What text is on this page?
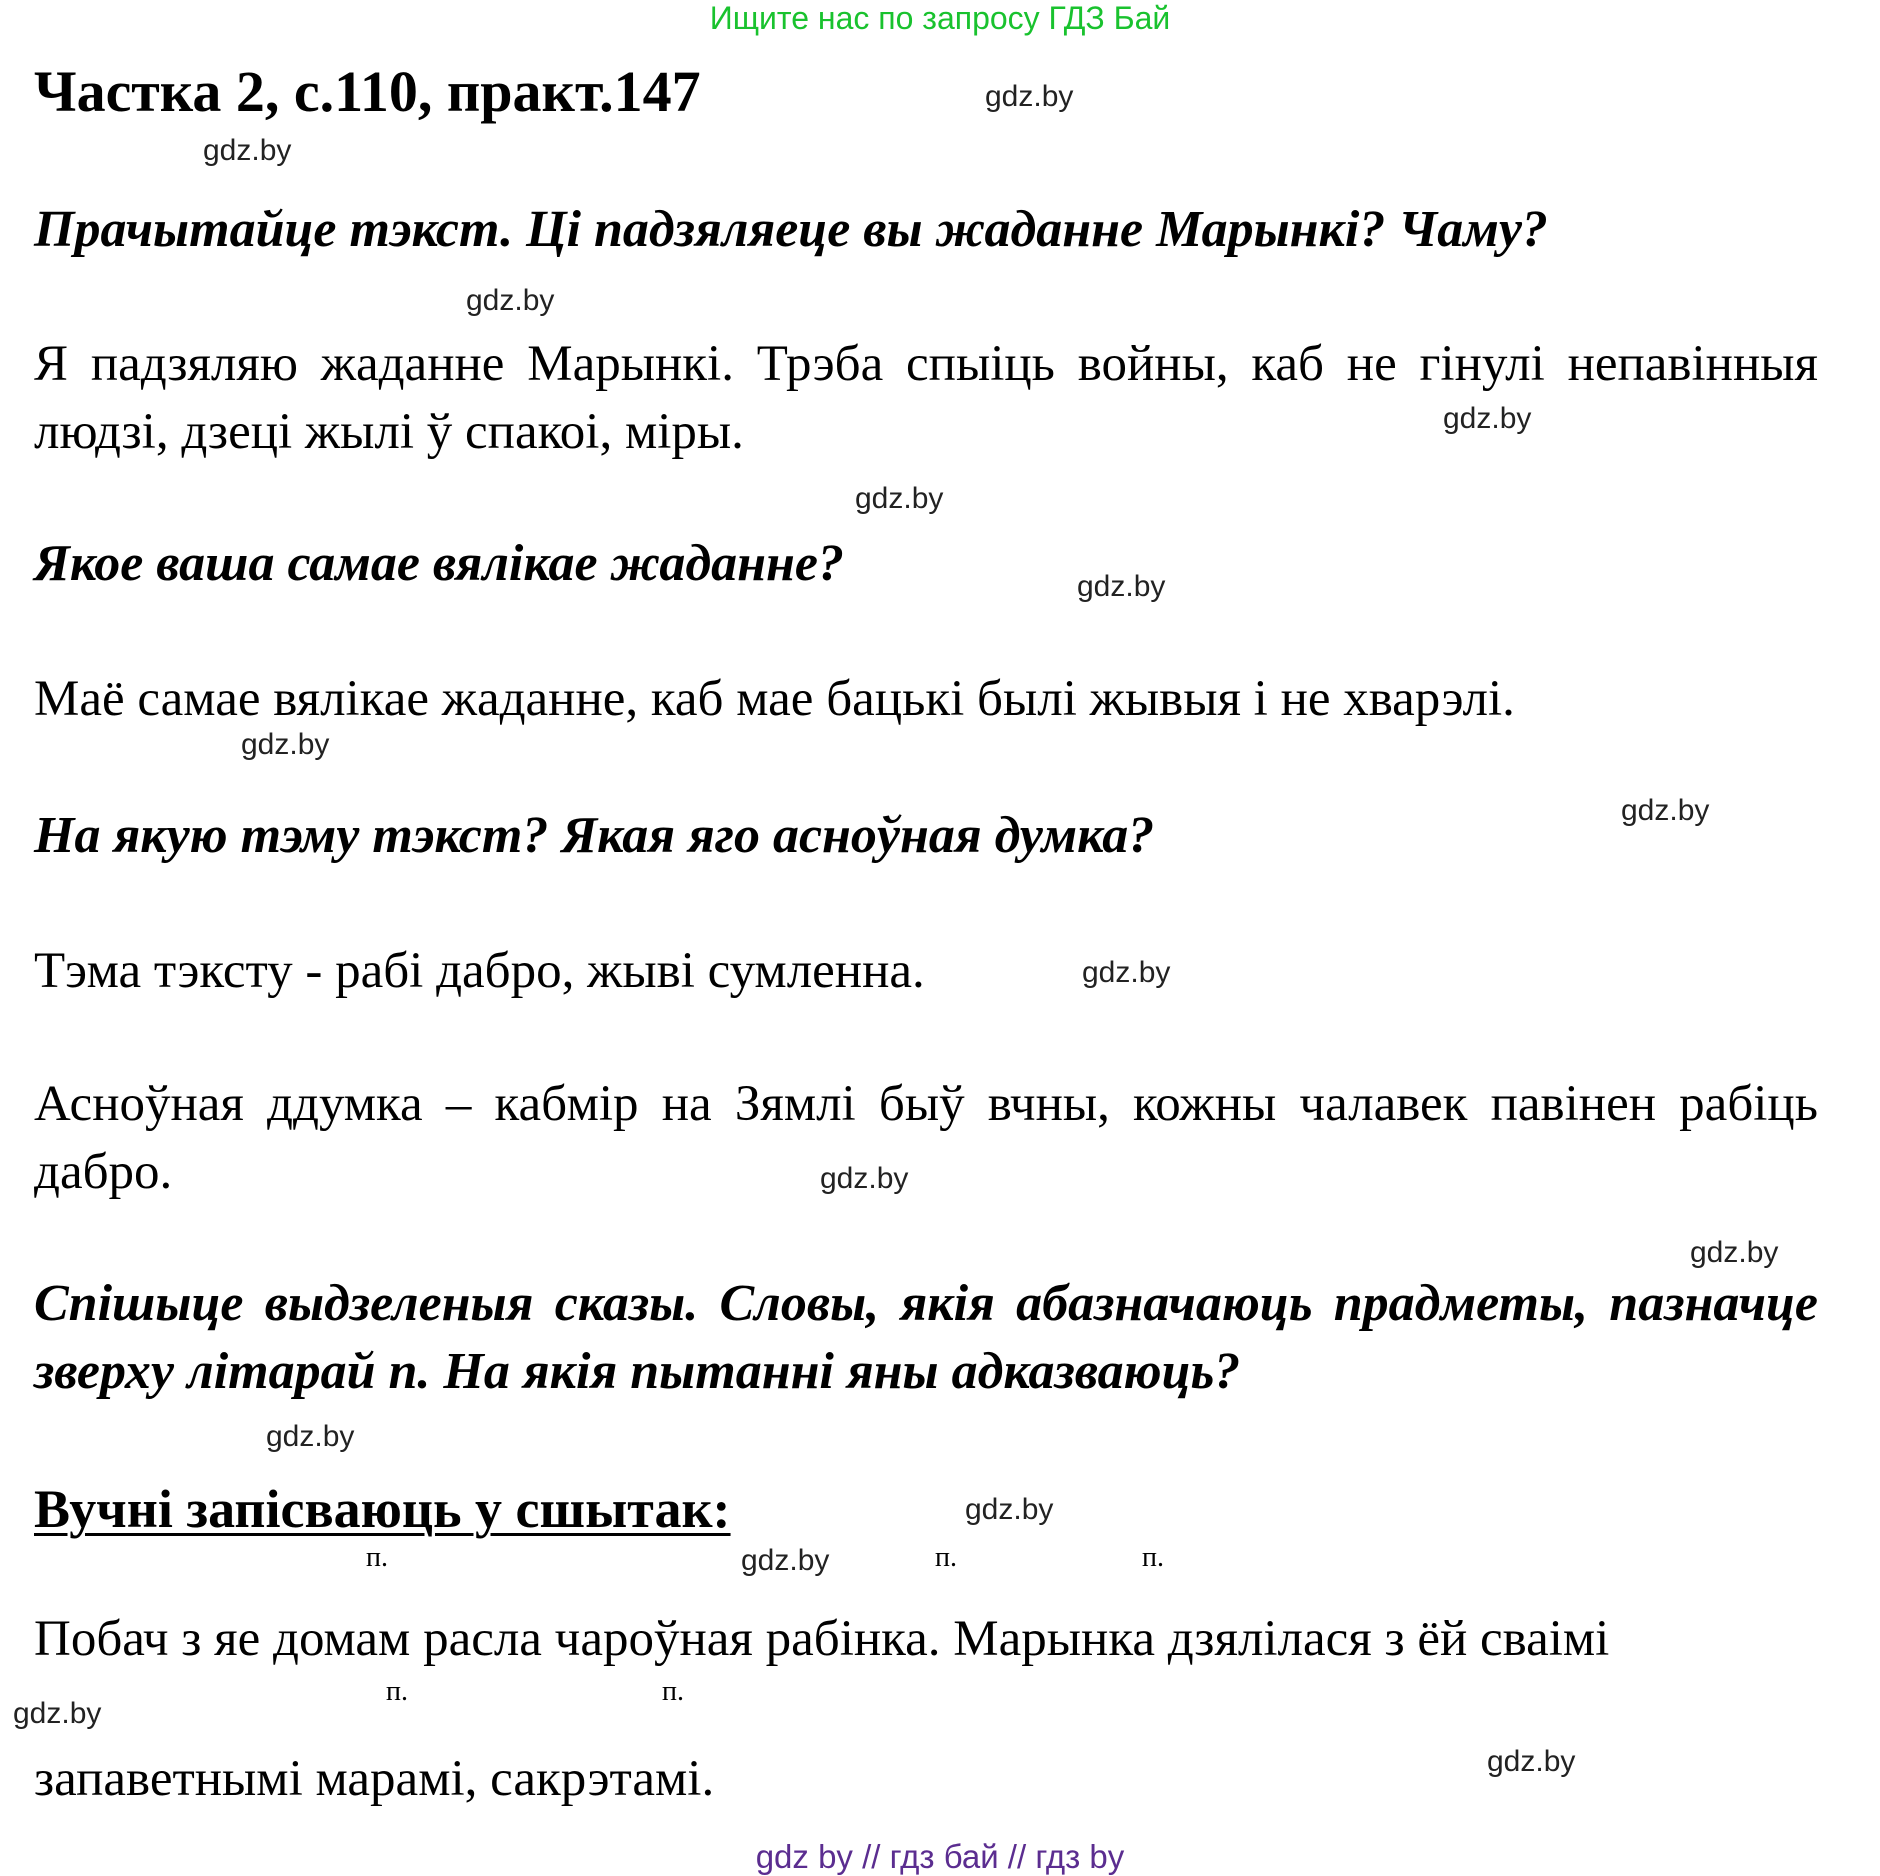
Ищите нас по запросу ГДЗ Бай
Частка 2, с.110, практ.147
Прачытайце тэкст. Ці падзяляеце вы жаданне Марынкі? Чаму?
Я падзяляю жаданне Марынкі. Трэба спыіць войны, каб не гінулі непавінныя людзі, дзеці жылі ў спакоі, міры.
Якое ваша самае вялікае жаданне?
Маё самае вялікае жаданне, каб мае бацькі былі жывыя і не хварэлі.
На якую тэму тэкст? Якая яго асноўная думка?
Тэма тэксту - рабі дабро, жыві сумленна.
Асноўная ддумка – кабмір на Зямлі быў вчны, кожны чалавек павінен рабіць дабро.
Спішыце выдзеленыя сказы. Словы, якія абазначаюць прадметы, пазначце зверху літарай п. На якія пытанні яны адказваюць?
Вучні запісваюць у сшытак:
Побач з яе домам расла чароўная рабінка. Марынка дзялілася з ёй сваімі
запаветнымі марамі, сакрэтамі.
п.	п.	п.
п.	п.
gdz.by
gdz.by
gdz.by
gdz.by
gdz.by
gdz.by
gdz.by
gdz.by
gdz.by
gdz.by
gdz.by
gdz.by
gdz.by
gdz.by
gdz.by
gdz.by
gdz by // гдз бай // гдз by
